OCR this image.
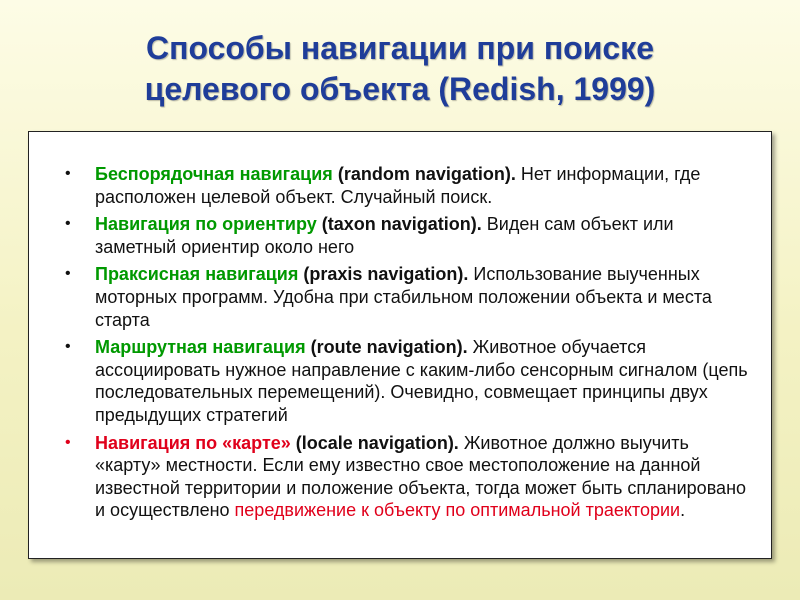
Способы навигации при поиске
целевого объекта (Redish, 1999)
• Беспорядочная навигация (random navigation). Нет информации, где расположен целевой объект. Случайный поиск.
• Навигация по ориентиру (taxon navigation). Виден сам объект или заметный ориентир около него
• Праксисная навигация (praxis navigation). Использование выученных моторных программ. Удобна при стабильном положении объекта и места старта
• Маршрутная навигация (route navigation). Животное обучается ассоциировать нужное направление с каким-либо сенсорным сигналом (цепь последовательных перемещений). Очевидно, совмещает принципы двух предыдущих стратегий
• Навигация по «карте» (locale navigation). Животное должно выучить «карту» местности. Если ему известно свое местоположение на данной известной территории и положение объекта, тогда может быть спланировано и осуществлено передвижение к объекту по оптимальной траектории.
